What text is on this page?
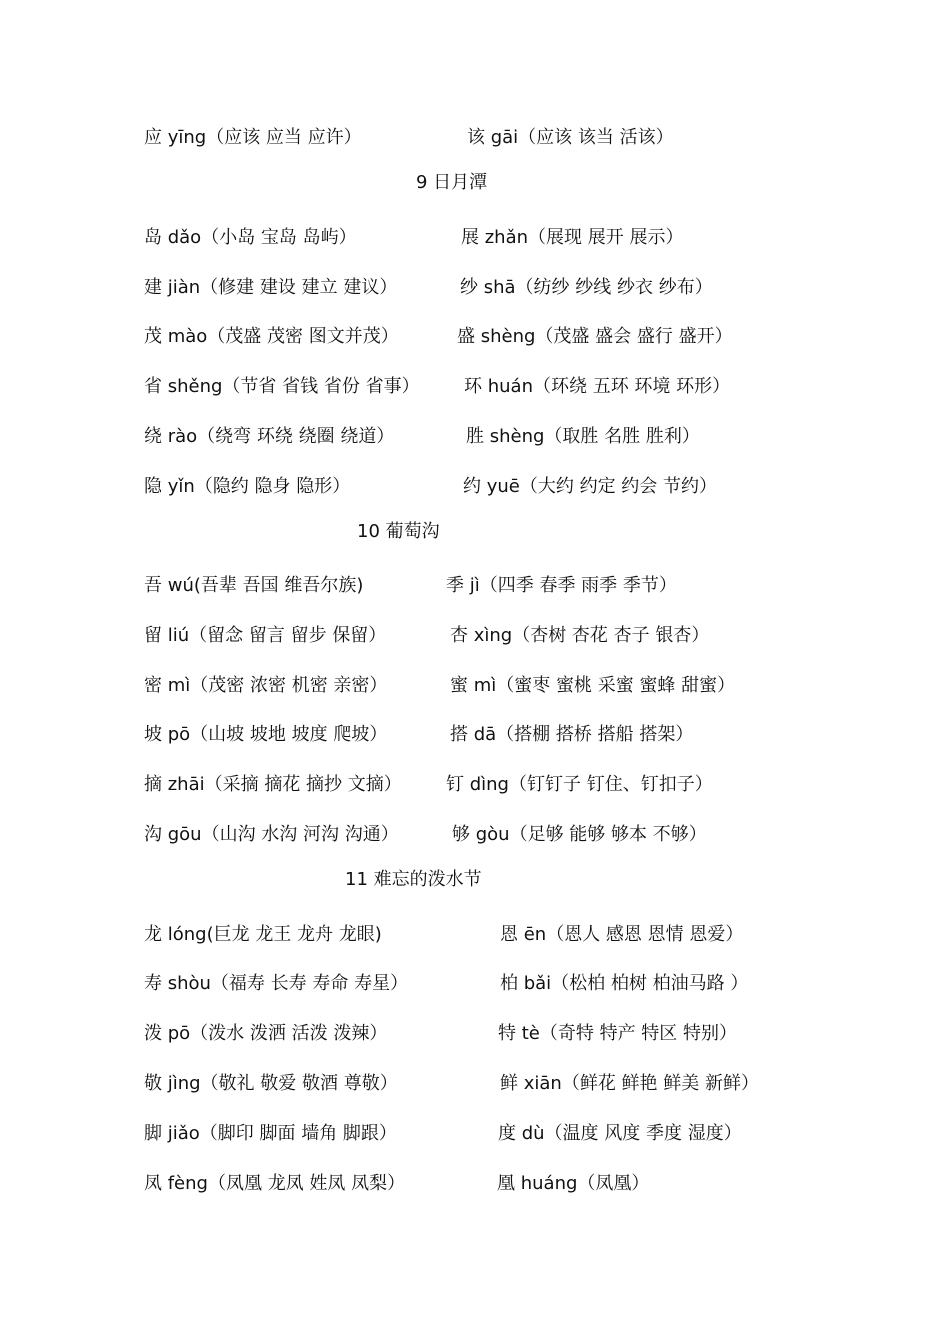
应 yīng（应该 应当 应许）	该 gāi（应该 该当 活该）
9 日月潭
岛 dǎo（小岛 宝岛 岛屿）	展 zhǎn（展现 展开 展示）
建 jiàn（修建 建设 建立 建议）	纱 shā（纺纱 纱线 纱衣 纱布）
茂 mào（茂盛 茂密 图文并茂）	盛 shèng（茂盛 盛会 盛行 盛开）
省 shěng（节省 省钱 省份 省事） 环 huán（环绕 五环 环境 环形）
绕 rào（绕弯 环绕 绕圈 绕道）	胜 shèng（取胜 名胜 胜利）
隐 yǐn（隐约 隐身 隐形）	约 yuē（大约 约定 约会 节约）
10 葡萄沟
吾 wú(吾辈 吾国 维吾尔族)	季 jì（四季 春季 雨季 季节）
留 liú（留念 留言 留步 保留）	杏 xìng（杏树 杏花 杏子 银杏）
密 mì（茂密 浓密 机密 亲密）	蜜 mì（蜜枣 蜜桃 采蜜 蜜蜂 甜蜜）
坡 pō（山坡 坡地 坡度 爬坡）	搭 dā（搭棚 搭桥 搭船 搭架）
摘 zhāi（采摘 摘花 摘抄 文摘） 钉 dìng（钉钉子 钉住、钉扣子）
沟 gōu（山沟 水沟 河沟 沟通）	够 gòu（足够 能够 够本 不够）
11 难忘的泼水节
龙 lóng(巨龙 龙王 龙舟 龙眼)	恩 ēn（恩人 感恩 恩情 恩爱）
寿 shòu（福寿 长寿 寿命 寿星）	柏 bǎi（松柏 柏树 柏油马路 ）
泼 pō（泼水 泼洒 活泼 泼辣）	特 tè（奇特 特产 特区 特别）
敬 jìng（敬礼 敬爱 敬酒 尊敬）	鲜 xiān（鲜花 鲜艳 鲜美 新鲜）
脚 jiǎo（脚印 脚面 墙角 脚跟）	度 dù（温度 风度 季度 湿度）
凤 fèng（凤凰 龙凤 姓凤 凤梨）	凰 huáng（凤凰）
